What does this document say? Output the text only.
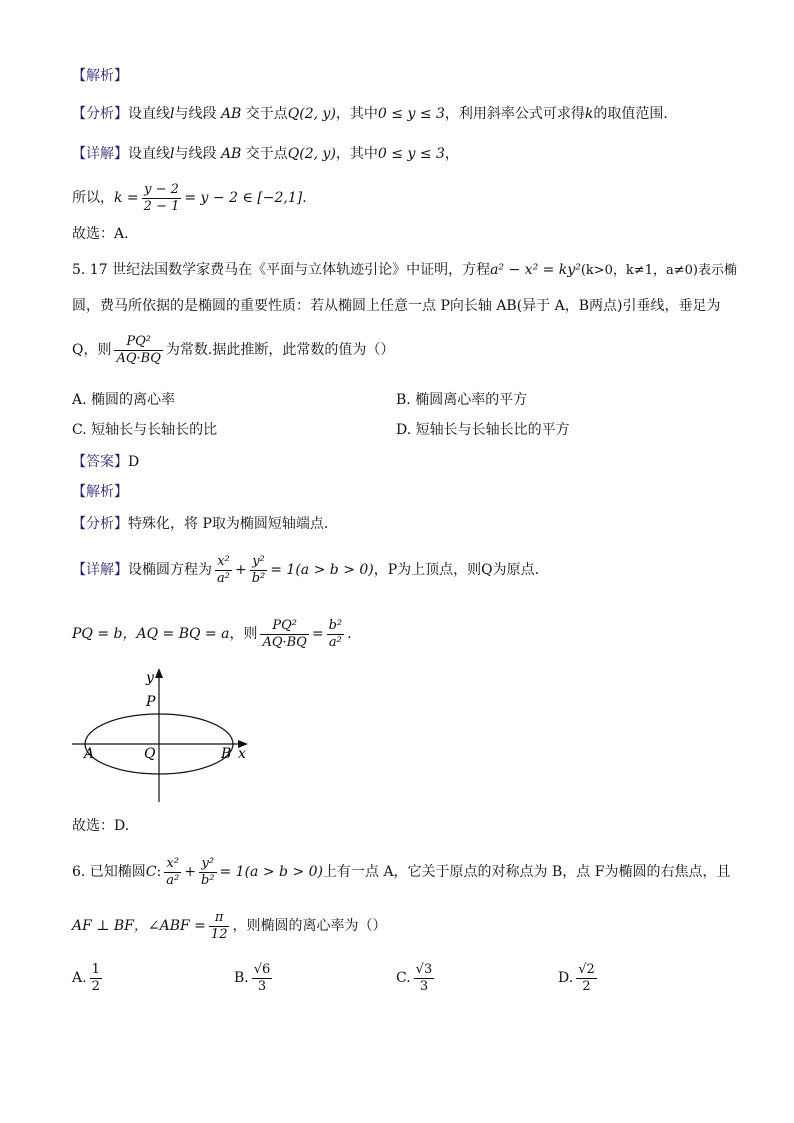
【解析】
【分析】设直线l与线段 AB 交于点Q(2, y)，其中0 ≤ y ≤ 3，利用斜率公式可求得k的取值范围.
【详解】设直线l与线段 AB 交于点Q(2, y)，其中0 ≤ y ≤ 3，
所以，$k = \frac{y - 2}{2 - 1} = y - 2$ ∈ [−2,1].
故选：A.
5. 17 世纪法国数学家费马在《平面与立体轨迹引论》中证明，方程a² − x² = ky²(k>0，k≠1，a≠0)表示椭
圆，费马所依据的是椭圆的重要性质：若从椭圆上任意一点 P向长轴 AB(异于 A，B两点)引垂线，垂足为
Q，则 $\frac{\text{PQ²}}{AQ\cdot BQ}$ 为常数.据此推断，此常数的值为（）
A. 椭圆的离心率	B. 椭圆离心率的平方
C. 短轴长与长轴长的比	D. 短轴长与长轴长比的平方
【答案】D
【解析】
【分析】特殊化，将 P取为椭圆短轴端点.
【详解】设椭圆方程为 $\frac{\text{x²}}{\text{a²}} + \frac{\text{y²}}{\text{b²}} = 1(a > b > 0)$，P为上顶点，则Q为原点.
PQ = b，AQ = BQ = a，则 $\frac{\text{PQ²}}{AQ\cdot BQ} = \frac{\text{b²}}{\text{a²}}$ .
y
P
A	Q	B x
故选：D.
6. 已知椭圆C: $\frac{\text{x²}}{\text{a²}} + \frac{\text{y²}}{\text{b²}} = 1(a > b > 0)$上有一点 A，它关于原点的对称点为 B，点 F为椭圆的右焦点，且
AF ⊥ BF，∠ABF = $\frac{\pi}{12}$ ，则椭圆的离心率为（）
A. $\frac{1}{2}$	B. $\frac{√6}{3}$	C. $\frac{√3}{3}$	D. $\frac{√2}{2}$
